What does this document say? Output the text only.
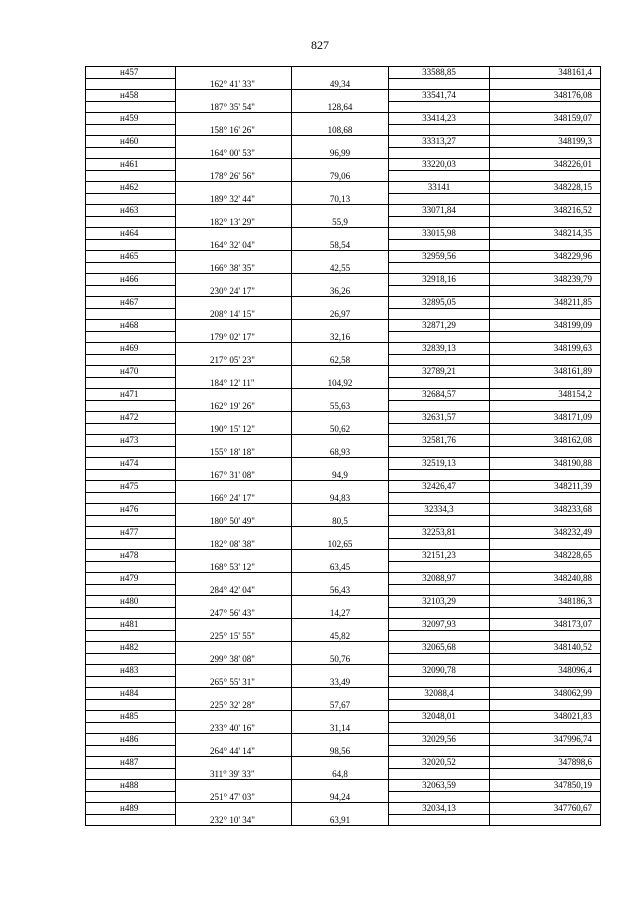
827
н457			33588,85	348161,4
	162° 41' 33"	49,34		
н458			33541,74	348176,08
	187° 35' 54"	128,64		
н459			33414,23	348159,07
	158° 16' 26"	108,68		
н460			33313,27	348199,3
	164° 00' 53"	96,99		
н461			33220,03	348226,01
	178° 26' 56"	79,06		
н462			33141	348228,15
	189° 32' 44"	70,13		
н463			33071,84	348216,52
	182° 13' 29"	55,9		
н464			33015,98	348214,35
	164° 32' 04"	58,54		
н465			32959,56	348229,96
	166° 38' 35"	42,55		
н466			32918,16	348239,79
	230° 24' 17"	36,26		
н467			32895,05	348211,85
	208° 14' 15"	26,97		
н468			32871,29	348199,09
	179° 02' 17"	32,16		
н469			32839,13	348199,63
	217° 05' 23"	62,58		
н470			32789,21	348161,89
	184° 12' 11"	104,92		
н471			32684,57	348154,2
	162° 19' 26"	55,63		
н472			32631,57	348171,09
	190° 15' 12"	50,62		
н473			32581,76	348162,08
	155° 18' 18"	68,93		
н474			32519,13	348190,88
	167° 31' 08"	94,9		
н475			32426,47	348211,39
	166° 24' 17"	94,83		
н476			32334,3	348233,68
	180° 50' 49"	80,5		
н477			32253,81	348232,49
	182° 08' 38"	102,65		
н478			32151,23	348228,65
	168° 53' 12"	63,45		
н479			32088,97	348240,88
	284° 42' 04"	56,43		
н480			32103,29	348186,3
	247° 56' 43"	14,27		
н481			32097,93	348173,07
	225° 15' 55"	45,82		
н482			32065,68	348140,52
	299° 38' 08"	50,76		
н483			32090,78	348096,4
	265° 55' 31"	33,49		
н484			32088,4	348062,99
	225° 32' 28"	57,67		
н485			32048,01	348021,83
	233° 40' 16"	31,14		
н486			32029,56	347996,74
	264° 44' 14"	98,56		
н487			32020,52	347898,6
	311° 39' 33"	64,8		
н488			32063,59	347850,19
	251° 47' 03"	94,24		
н489			32034,13	347760,67
	232° 10' 34"	63,91		
